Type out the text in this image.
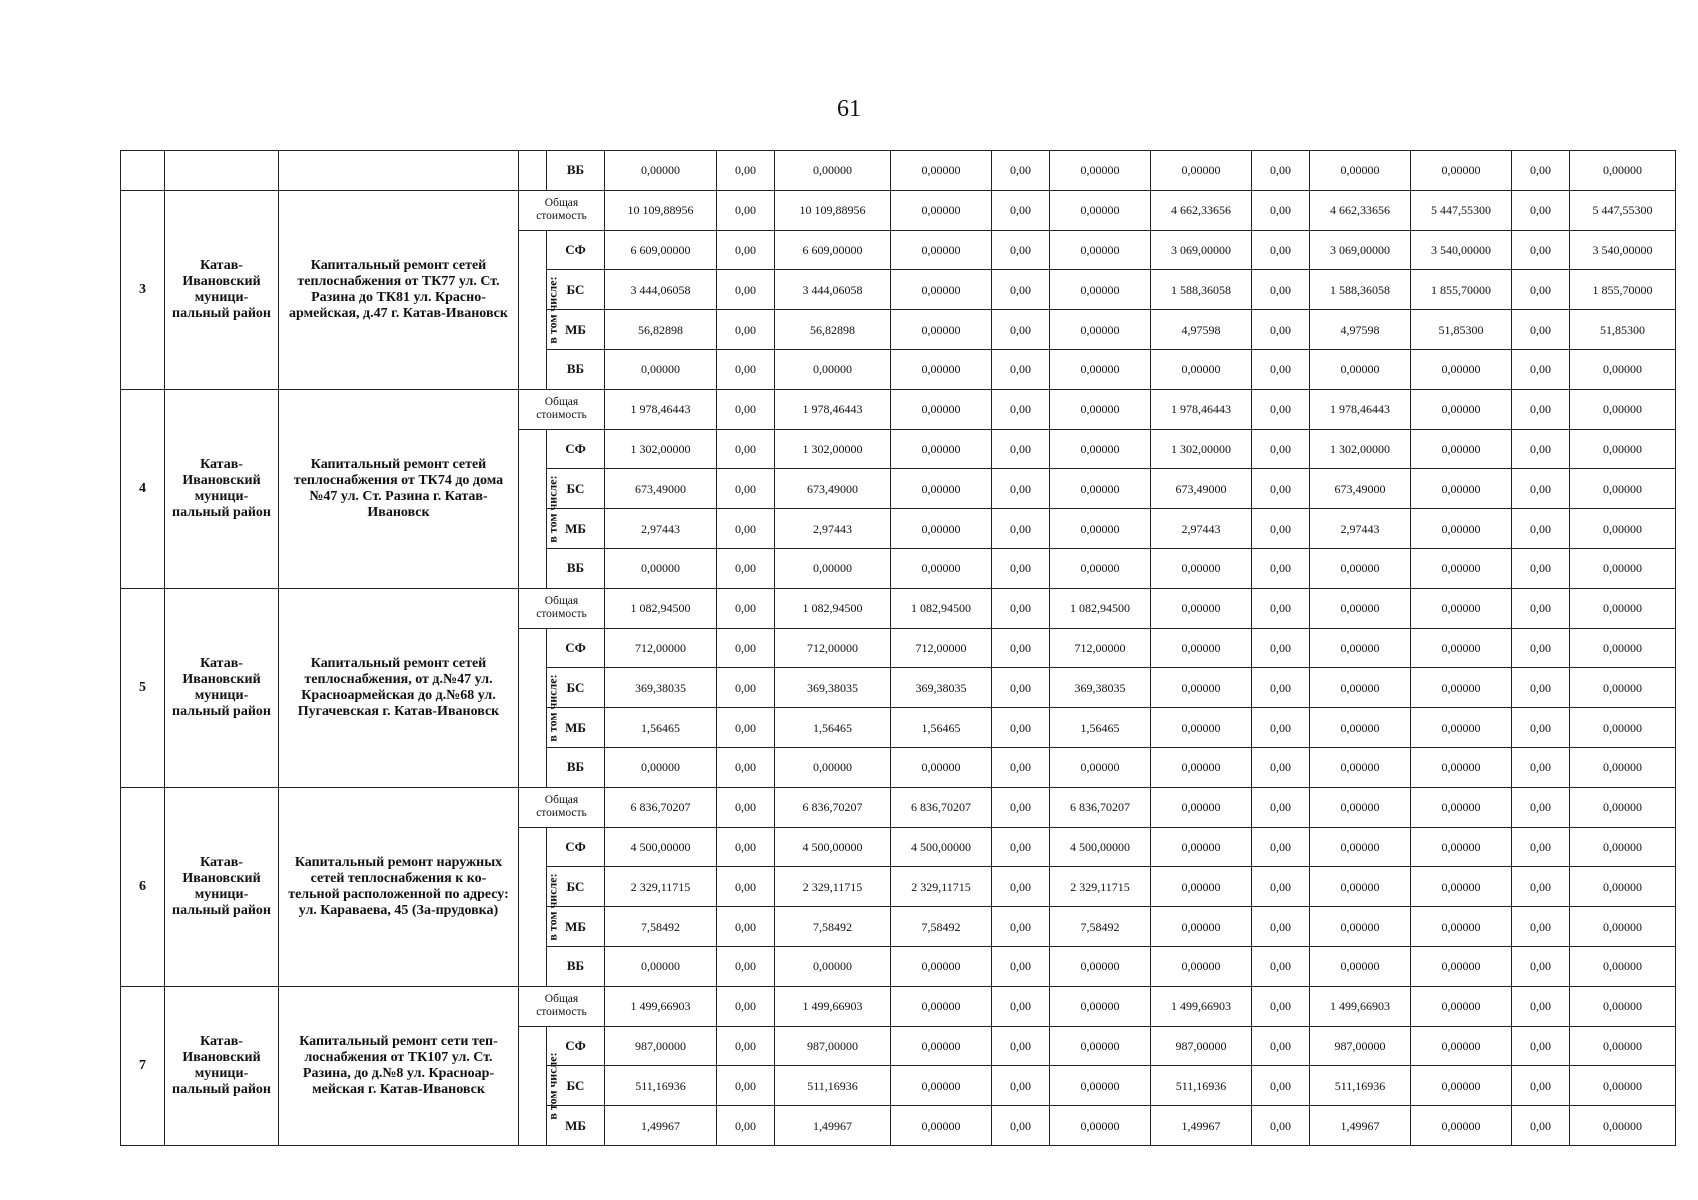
61
				ВБ	0,00000	0,00	0,00000	0,00000	0,00	0,00000	0,00000	0,00	0,00000	0,00000	0,00	0,00000
3	Катав-Ивановский муници-пальный район	Капитальный ремонт сетей теплоснабжения от ТК77 ул. Ст. Разина до ТК81 ул. Красно-армейская, д.47 г. Катав-Ивановск	Общая стоимость		10 109,88956	0,00	10 109,88956	0,00000	0,00	0,00000	4 662,33656	0,00	4 662,33656	5 447,55300	0,00	5 447,55300
			в том числе:	СФ	6 609,00000	0,00	6 609,00000	0,00000	0,00	0,00000	3 069,00000	0,00	3 069,00000	3 540,00000	0,00	3 540,00000
				БС	3 444,06058	0,00	3 444,06058	0,00000	0,00	0,00000	1 588,36058	0,00	1 588,36058	1 855,70000	0,00	1 855,70000
				МБ	56,82898	0,00	56,82898	0,00000	0,00	0,00000	4,97598	0,00	4,97598	51,85300	0,00	51,85300
				ВБ	0,00000	0,00	0,00000	0,00000	0,00	0,00000	0,00000	0,00	0,00000	0,00000	0,00	0,00000
4	Катав-Ивановский муници-пальный район	Капитальный ремонт сетей теплоснабжения от ТК74 до дома №47 ул. Ст. Разина г. Катав-Ивановск	Общая стоимость		1 978,46443	0,00	1 978,46443	0,00000	0,00	0,00000	1 978,46443	0,00	1 978,46443	0,00000	0,00	0,00000
			в том числе:	СФ	1 302,00000	0,00	1 302,00000	0,00000	0,00	0,00000	1 302,00000	0,00	1 302,00000	0,00000	0,00	0,00000
				БС	673,49000	0,00	673,49000	0,00000	0,00	0,00000	673,49000	0,00	673,49000	0,00000	0,00	0,00000
				МБ	2,97443	0,00	2,97443	0,00000	0,00	0,00000	2,97443	0,00	2,97443	0,00000	0,00	0,00000
				ВБ	0,00000	0,00	0,00000	0,00000	0,00	0,00000	0,00000	0,00	0,00000	0,00000	0,00	0,00000
5	Катав-Ивановский муници-пальный район	Капитальный ремонт сетей теплоснабжения, от д.№47 ул. Красноармейская до д.№68 ул. Пугачевская г. Катав-Ивановск	Общая стоимость		1 082,94500	0,00	1 082,94500	1 082,94500	0,00	1 082,94500	0,00000	0,00	0,00000	0,00000	0,00	0,00000
			в том числе:	СФ	712,00000	0,00	712,00000	712,00000	0,00	712,00000	0,00000	0,00	0,00000	0,00000	0,00	0,00000
				БС	369,38035	0,00	369,38035	369,38035	0,00	369,38035	0,00000	0,00	0,00000	0,00000	0,00	0,00000
				МБ	1,56465	0,00	1,56465	1,56465	0,00	1,56465	0,00000	0,00	0,00000	0,00000	0,00	0,00000
				ВБ	0,00000	0,00	0,00000	0,00000	0,00	0,00000	0,00000	0,00	0,00000	0,00000	0,00	0,00000
6	Катав-Ивановский муници-пальный район	Капитальный ремонт наружных сетей теплоснабжения к ко-тельной расположенной по адресу: ул. Караваева, 45 (За-прудовка)	Общая стоимость		6 836,70207	0,00	6 836,70207	6 836,70207	0,00	6 836,70207	0,00000	0,00	0,00000	0,00000	0,00	0,00000
			в том числе:	СФ	4 500,00000	0,00	4 500,00000	4 500,00000	0,00	4 500,00000	0,00000	0,00	0,00000	0,00000	0,00	0,00000
				БС	2 329,11715	0,00	2 329,11715	2 329,11715	0,00	2 329,11715	0,00000	0,00	0,00000	0,00000	0,00	0,00000
				МБ	7,58492	0,00	7,58492	7,58492	0,00	7,58492	0,00000	0,00	0,00000	0,00000	0,00	0,00000
				ВБ	0,00000	0,00	0,00000	0,00000	0,00	0,00000	0,00000	0,00	0,00000	0,00000	0,00	0,00000
7	Катав-Ивановский муници-пальный район	Капитальный ремонт сети теп-лоснабжения от ТК107 ул. Ст. Разина, до д.№8 ул. Красноар-мейская г. Катав-Ивановск	Общая стоимость		1 499,66903	0,00	1 499,66903	0,00000	0,00	0,00000	1 499,66903	0,00	1 499,66903	0,00000	0,00	0,00000
			в том числе:	СФ	987,00000	0,00	987,00000	0,00000	0,00	0,00000	987,00000	0,00	987,00000	0,00000	0,00	0,00000
				БС	511,16936	0,00	511,16936	0,00000	0,00	0,00000	511,16936	0,00	511,16936	0,00000	0,00	0,00000
				МБ	1,49967	0,00	1,49967	0,00000	0,00	0,00000	1,49967	0,00	1,49967	0,00000	0,00	0,00000
